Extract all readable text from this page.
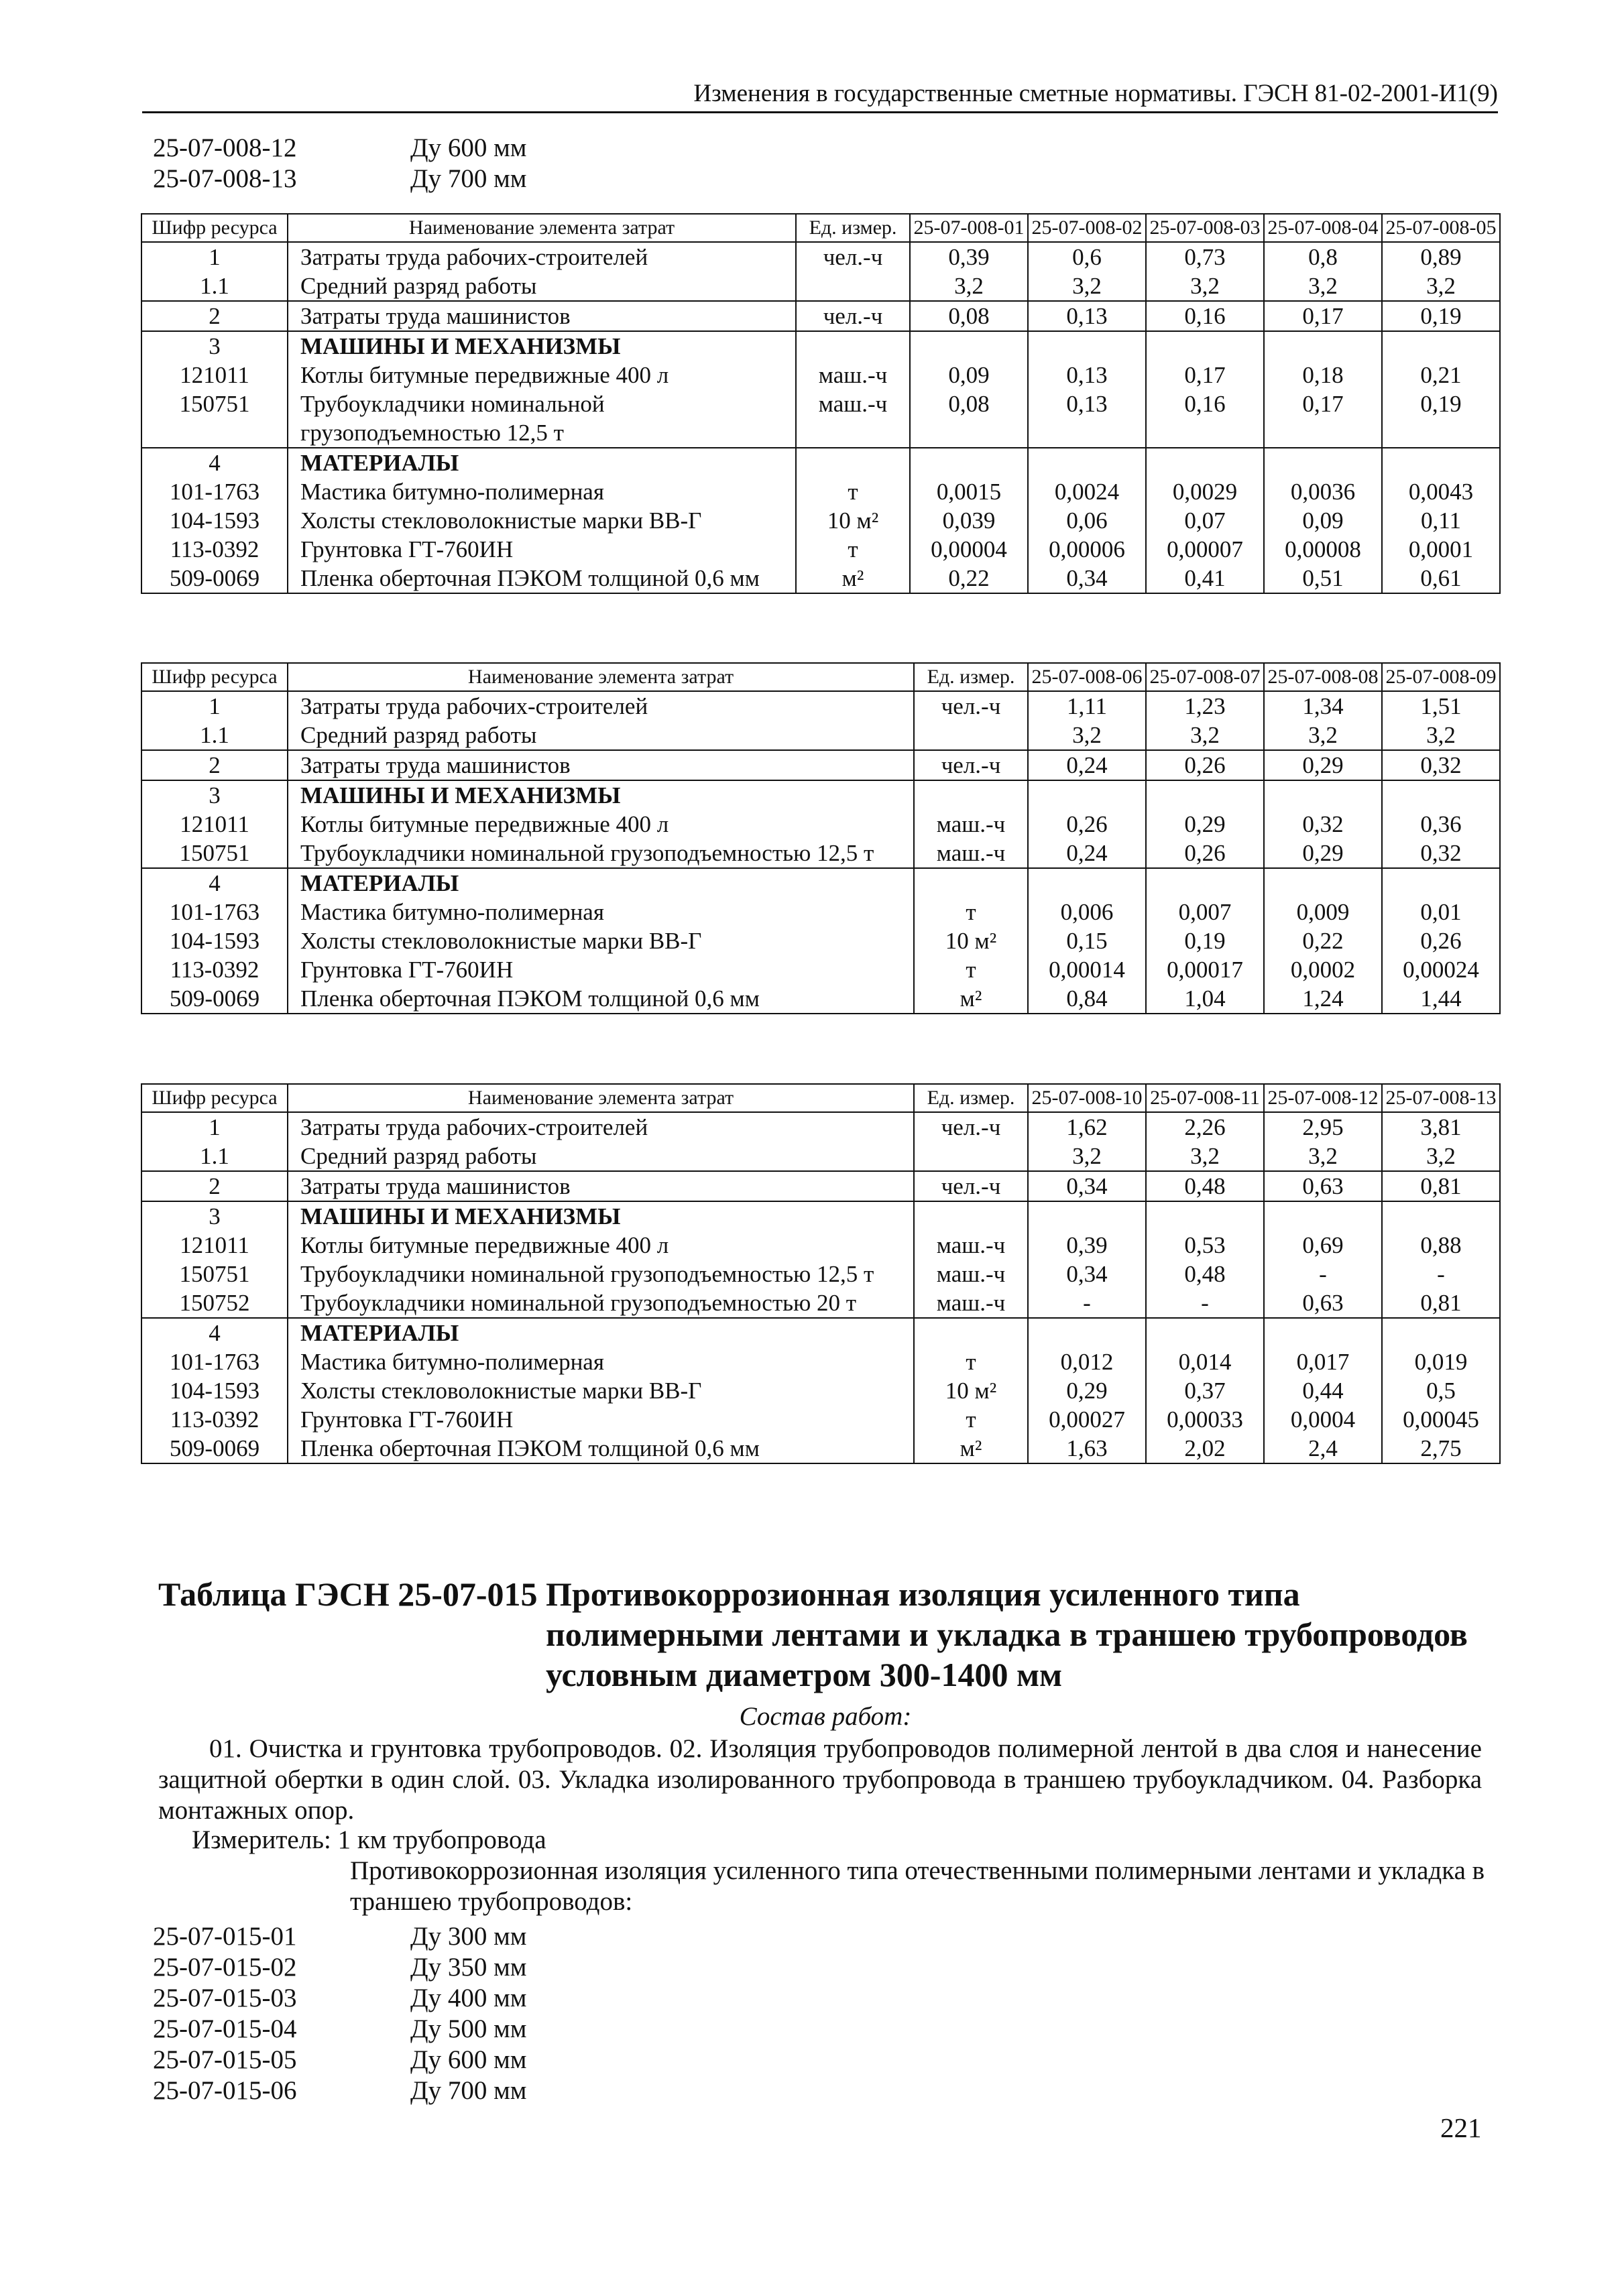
Изменения в государственные сметные нормативы. ГЭСН 81-02-2001-И1(9)
25-07-008-12	Ду 600 мм
25-07-008-13	Ду 700 мм
Шифр ресурса	Наименование элемента затрат	Ед. измер.	25-07-008-01	25-07-008-02	25-07-008-03	25-07-008-04	25-07-008-05
1	Затраты труда рабочих-строителей	чел.-ч	0,39	0,6	0,73	0,8	0,89
1.1	Средний разряд работы		3,2	3,2	3,2	3,2	3,2
2	Затраты труда машинистов	чел.-ч	0,08	0,13	0,16	0,17	0,19
3	МАШИНЫ И МЕХАНИЗМЫ						
121011	Котлы битумные передвижные 400 л	маш.-ч	0,09	0,13	0,17	0,18	0,21
150751	Трубоукладчики номинальной грузоподъемностью 12,5 т	маш.-ч	0,08	0,13	0,16	0,17	0,19
4	МАТЕРИАЛЫ						
101-1763	Мастика битумно-полимерная	т	0,0015	0,0024	0,0029	0,0036	0,0043
104-1593	Холсты стекловолокнистые марки ВВ-Г	10 м²	0,039	0,06	0,07	0,09	0,11
113-0392	Грунтовка ГТ-760ИН	т	0,00004	0,00006	0,00007	0,00008	0,0001
509-0069	Пленка оберточная ПЭКОМ толщиной 0,6 мм	м²	0,22	0,34	0,41	0,51	0,61
Шифр ресурса	Наименование элемента затрат	Ед. измер.	25-07-008-06	25-07-008-07	25-07-008-08	25-07-008-09
1	Затраты труда рабочих-строителей	чел.-ч	1,11	1,23	1,34	1,51
1.1	Средний разряд работы		3,2	3,2	3,2	3,2
2	Затраты труда машинистов	чел.-ч	0,24	0,26	0,29	0,32
3	МАШИНЫ И МЕХАНИЗМЫ					
121011	Котлы битумные передвижные 400 л	маш.-ч	0,26	0,29	0,32	0,36
150751	Трубоукладчики номинальной грузоподъемностью 12,5 т	маш.-ч	0,24	0,26	0,29	0,32
4	МАТЕРИАЛЫ					
101-1763	Мастика битумно-полимерная	т	0,006	0,007	0,009	0,01
104-1593	Холсты стекловолокнистые марки ВВ-Г	10 м²	0,15	0,19	0,22	0,26
113-0392	Грунтовка ГТ-760ИН	т	0,00014	0,00017	0,0002	0,00024
509-0069	Пленка оберточная ПЭКОМ толщиной 0,6 мм	м²	0,84	1,04	1,24	1,44
Шифр ресурса	Наименование элемента затрат	Ед. измер.	25-07-008-10	25-07-008-11	25-07-008-12	25-07-008-13
1	Затраты труда рабочих-строителей	чел.-ч	1,62	2,26	2,95	3,81
1.1	Средний разряд работы		3,2	3,2	3,2	3,2
2	Затраты труда машинистов	чел.-ч	0,34	0,48	0,63	0,81
3	МАШИНЫ И МЕХАНИЗМЫ					
121011	Котлы битумные передвижные 400 л	маш.-ч	0,39	0,53	0,69	0,88
150751	Трубоукладчики номинальной грузоподъемностью 12,5 т	маш.-ч	0,34	0,48	-	-
150752	Трубоукладчики номинальной грузоподъемностью 20 т	маш.-ч	-	-	0,63	0,81
4	МАТЕРИАЛЫ					
101-1763	Мастика битумно-полимерная	т	0,012	0,014	0,017	0,019
104-1593	Холсты стекловолокнистые марки ВВ-Г	10 м²	0,29	0,37	0,44	0,5
113-0392	Грунтовка ГТ-760ИН	т	0,00027	0,00033	0,0004	0,00045
509-0069	Пленка оберточная ПЭКОМ толщиной 0,6 мм	м²	1,63	2,02	2,4	2,75
Таблица ГЭСН 25-07-015 Противокоррозионная изоляция усиленного типа
полимерными лентами и укладка в траншею трубопроводов
условным диаметром 300-1400 мм
Состав работ:
01. Очистка и грунтовка трубопроводов. 02. Изоляция трубопроводов полимерной лентой в два слоя и нанесение защитной обертки в один слой. 03. Укладка изолированного трубопровода в траншею трубоукладчиком. 04. Разборка монтажных опор.
Измеритель: 1 км трубопровода
Противокоррозионная изоляция усиленного типа отечественными полимерными лентами и укладка в траншею трубопроводов:
25-07-015-01	Ду 300 мм
25-07-015-02	Ду 350 мм
25-07-015-03	Ду 400 мм
25-07-015-04	Ду 500 мм
25-07-015-05	Ду 600 мм
25-07-015-06	Ду 700 мм
221
